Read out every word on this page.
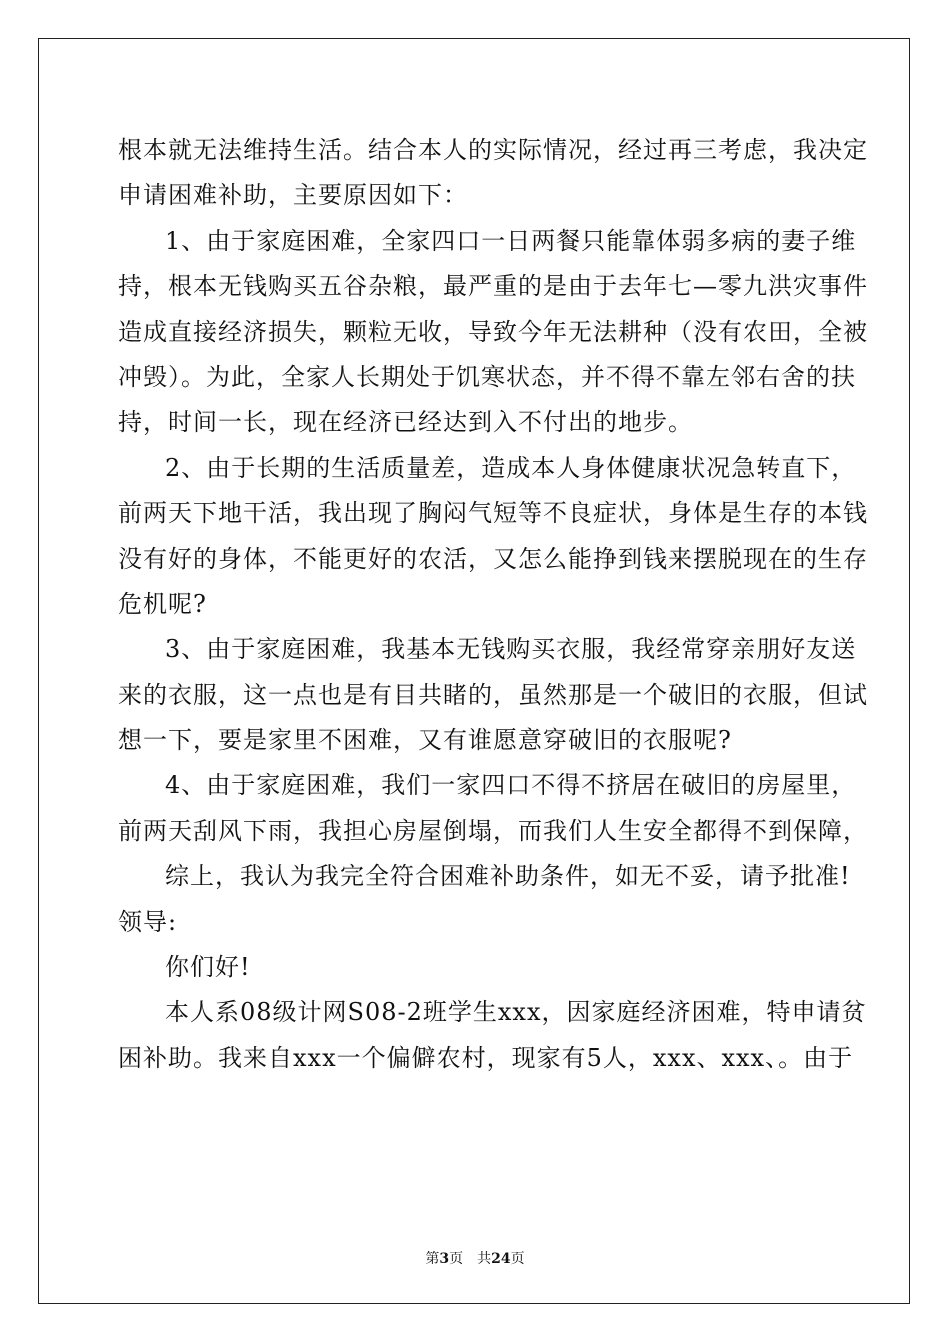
根本就无法维持生活。结合本人的实际情况，经过再三考虑，我决定
申请困难补助，主要原因如下：
1、由于家庭困难，全家四口一日两餐只能靠体弱多病的妻子维
持，根本无钱购买五谷杂粮，最严重的是由于去年七—零九洪灾事件
造成直接经济损失，颗粒无收，导致今年无法耕种（没有农田，全被
冲毁）。为此，全家人长期处于饥寒状态，并不得不靠左邻右舍的扶
持，时间一长，现在经济已经达到入不付出的地步。
2、由于长期的生活质量差，造成本人身体健康状况急转直下，
前两天下地干活，我出现了胸闷气短等不良症状，身体是生存的本钱
没有好的身体，不能更好的农活，又怎么能挣到钱来摆脱现在的生存
危机呢?
3、由于家庭困难，我基本无钱购买衣服，我经常穿亲朋好友送
来的衣服，这一点也是有目共睹的，虽然那是一个破旧的衣服，但试
想一下，要是家里不困难，又有谁愿意穿破旧的衣服呢?
4、由于家庭困难，我们一家四口不得不挤居在破旧的房屋里，
前两天刮风下雨，我担心房屋倒塌，而我们人生安全都得不到保障，
综上，我认为我完全符合困难补助条件，如无不妥，请予批准!
领导:
你们好!
本人系08级计网S08-2班学生xxx，因家庭经济困难，特申请贫
困补助。我来自xxx一个偏僻农村，现家有5人，xxx、xxx、。由于
第3页　共24页
